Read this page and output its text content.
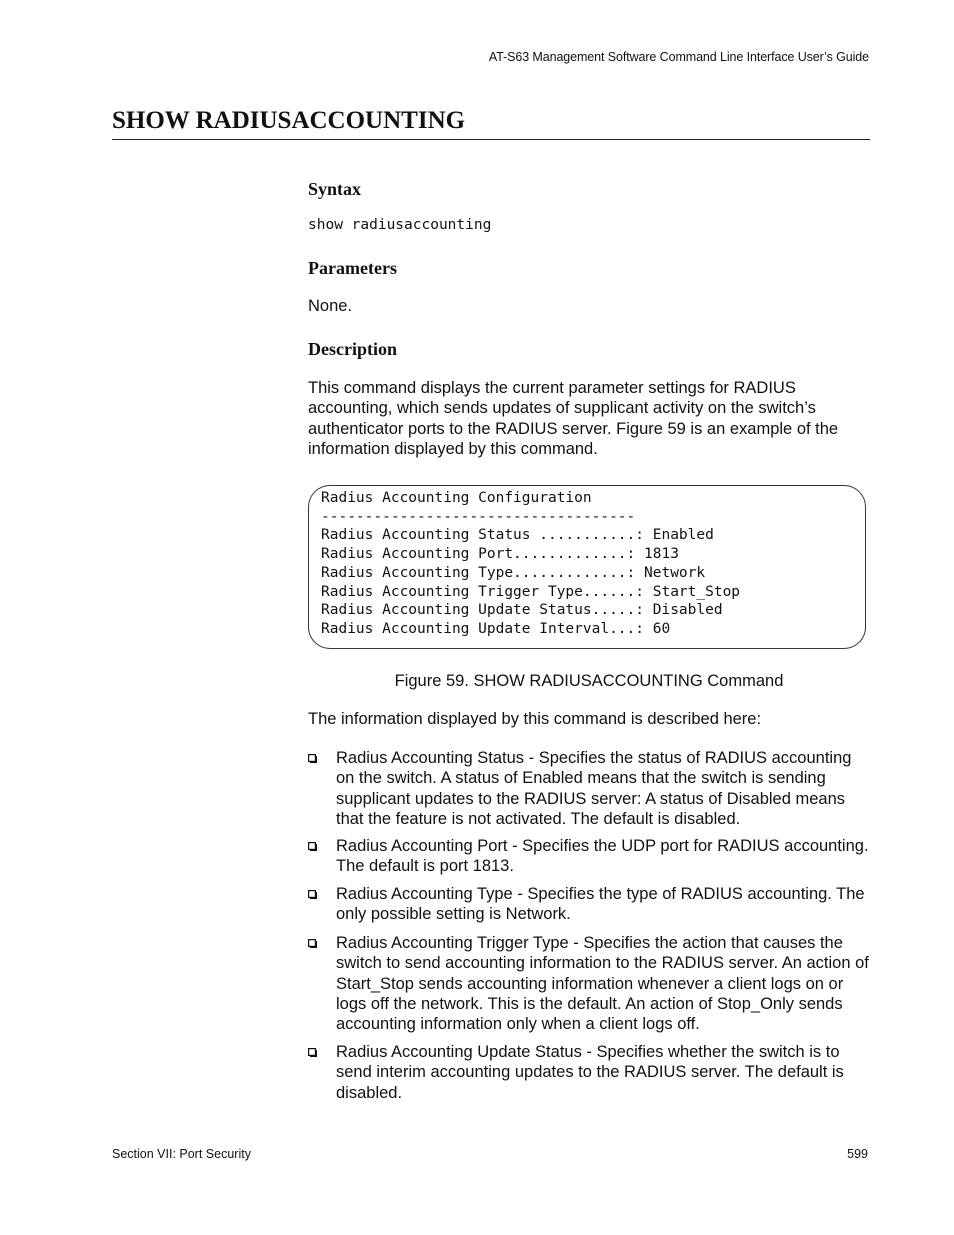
AT-S63 Management Software Command Line Interface User’s Guide
SHOW RADIUSACCOUNTING
Syntax

show radiusaccounting

Parameters

None.

Description

This command displays the current parameter settings for RADIUS accounting, which sends updates of supplicant activity on the switch’s authenticator ports to the RADIUS server. Figure 59 is an example of the information displayed by this command.

Radius Accounting Configuration
------------------------------------
Radius Accounting Status ...........: Enabled
Radius Accounting Port.............: 1813
Radius Accounting Type.............: Network
Radius Accounting Trigger Type......: Start_Stop
Radius Accounting Update Status.....: Disabled
Radius Accounting Update Interval...: 60

Figure 59. SHOW RADIUSACCOUNTING Command

The information displayed by this command is described here:

Radius Accounting Status - Specifies the status of RADIUS accounting on the switch. A status of Enabled means that the switch is sending supplicant updates to the RADIUS server: A status of Disabled means that the feature is not activated. The default is disabled.

Radius Accounting Port - Specifies the UDP port for RADIUS accounting. The default is port 1813.

Radius Accounting Type - Specifies the type of RADIUS accounting. The only possible setting is Network.

Radius Accounting Trigger Type - Specifies the action that causes the switch to send accounting information to the RADIUS server. An action of Start_Stop sends accounting information whenever a client logs on or logs off the network. This is the default. An action of Stop_Only sends accounting information only when a client logs off.

Radius Accounting Update Status - Specifies whether the switch is to send interim accounting updates to the RADIUS server. The default is disabled.

Section VII: Port Security	599
